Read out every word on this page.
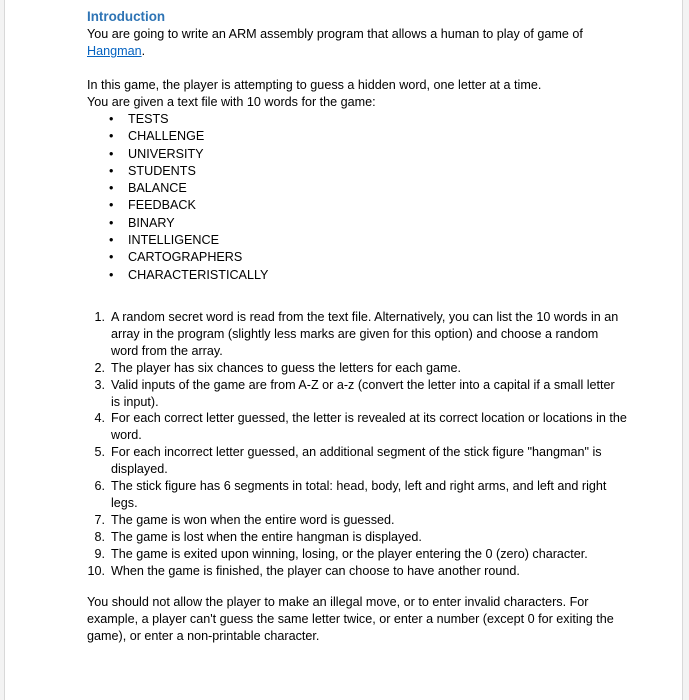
Introduction

You are going to write an ARM assembly program that allows a human to play of game of Hangman.

In this game, the player is attempting to guess a hidden word, one letter at a time.

You are given a text file with 10 words for the game:

• TESTS
• CHALLENGE
• UNIVERSITY
• STUDENTS
• BALANCE
• FEEDBACK
• BINARY
• INTELLIGENCE
• CARTOGRAPHERS
• CHARACTERISTICALLY
1. A random secret word is read from the text file. Alternatively, you can list the 10 words in an array in the program (slightly less marks are given for this option) and choose a random word from the array.
2. The player has six chances to guess the letters for each game.
3. Valid inputs of the game are from A-Z or a-z (convert the letter into a capital if a small letter is input).
4. For each correct letter guessed, the letter is revealed at its correct location or locations in the word.
5. For each incorrect letter guessed, an additional segment of the stick figure "hangman" is displayed.
6. The stick figure has 6 segments in total: head, body, left and right arms, and left and right legs.
7. The game is won when the entire word is guessed.
8. The game is lost when the entire hangman is displayed.
9. The game is exited upon winning, losing, or the player entering the 0 (zero) character.
10. When the game is finished, the player can choose to have another round.

You should not allow the player to make an illegal move, or to enter invalid characters. For example, a player can't guess the same letter twice, or enter a number (except 0 for exiting the game), or enter a non-printable character.
